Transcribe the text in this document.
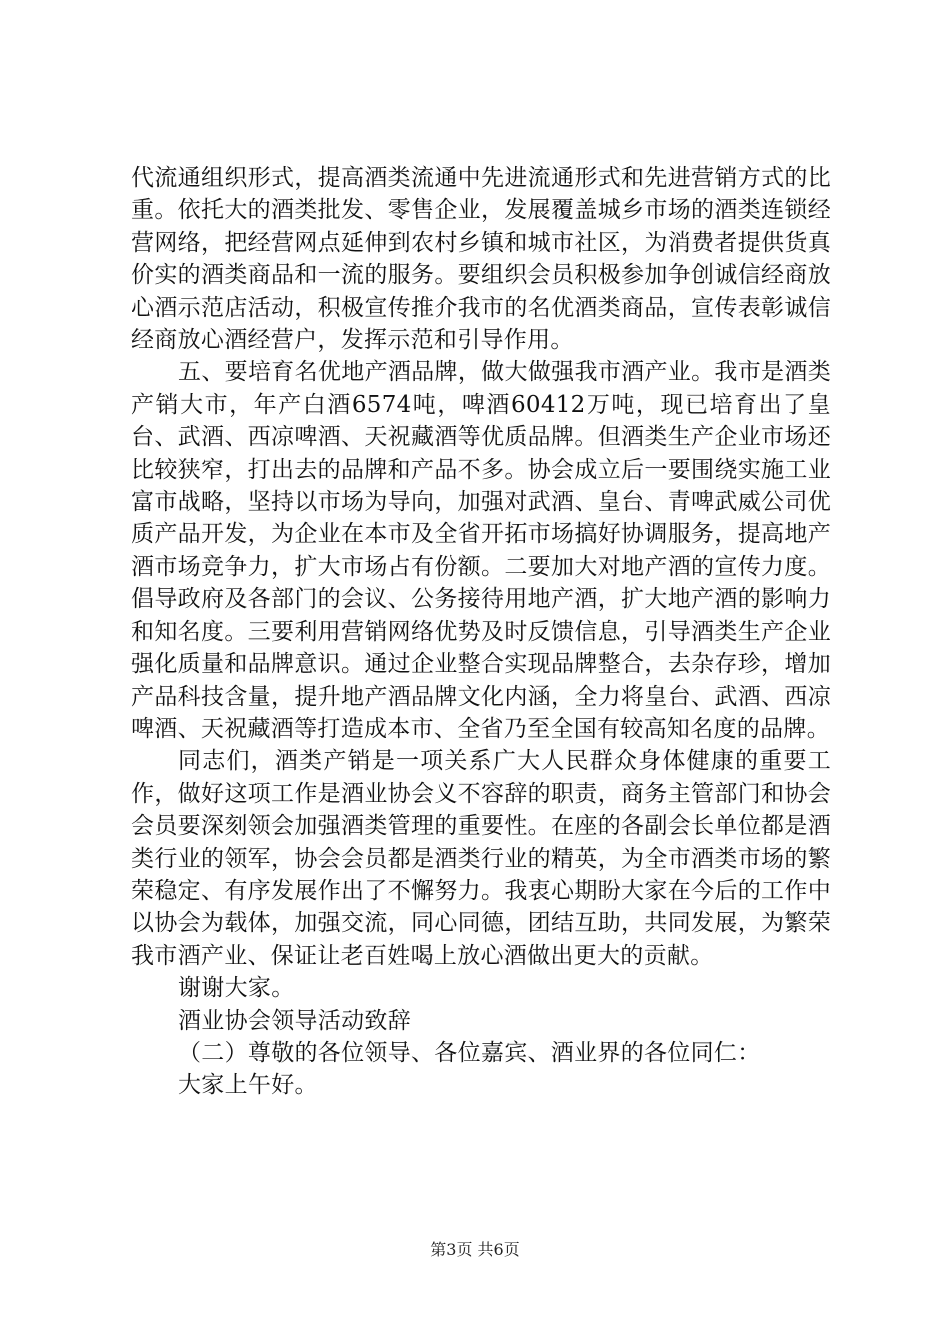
代流通组织形式，提高酒类流通中先进流通形式和先进营销方式的比重。依托大的酒类批发、零售企业，发展覆盖城乡市场的酒类连锁经营网络，把经营网点延伸到农村乡镇和城市社区，为消费者提供货真价实的酒类商品和一流的服务。要组织会员积极参加争创诚信经商放心酒示范店活动，积极宣传推介我市的名优酒类商品，宣传表彰诚信经商放心酒经营户，发挥示范和引导作用。

五、要培育名优地产酒品牌，做大做强我市酒产业。我市是酒类产销大市，年产白酒6574吨，啤酒60412万吨，现已培育出了皇台、武酒、西凉啤酒、天祝藏酒等优质品牌。但酒类生产企业市场还比较狭窄，打出去的品牌和产品不多。协会成立后一要围绕实施工业富市战略，坚持以市场为导向，加强对武酒、皇台、青啤武威公司优质产品开发，为企业在本市及全省开拓市场搞好协调服务，提高地产酒市场竞争力，扩大市场占有份额。二要加大对地产酒的宣传力度。倡导政府及各部门的会议、公务接待用地产酒，扩大地产酒的影响力和知名度。三要利用营销网络优势及时反馈信息，引导酒类生产企业强化质量和品牌意识。通过企业整合实现品牌整合，去杂存珍，增加产品科技含量，提升地产酒品牌文化内涵，全力将皇台、武酒、西凉啤酒、天祝藏酒等打造成本市、全省乃至全国有较高知名度的品牌。

同志们，酒类产销是一项关系广大人民群众身体健康的重要工作，做好这项工作是酒业协会义不容辞的职责，商务主管部门和协会会员要深刻领会加强酒类管理的重要性。在座的各副会长单位都是酒类行业的领军，协会会员都是酒类行业的精英，为全市酒类市场的繁荣稳定、有序发展作出了不懈努力。我衷心期盼大家在今后的工作中以协会为载体，加强交流，同心同德，团结互助，共同发展，为繁荣我市酒产业、保证让老百姓喝上放心酒做出更大的贡献。

谢谢大家。

酒业协会领导活动致辞

（二）尊敬的各位领导、各位嘉宾、酒业界的各位同仁：

大家上午好。

第3页 共6页
